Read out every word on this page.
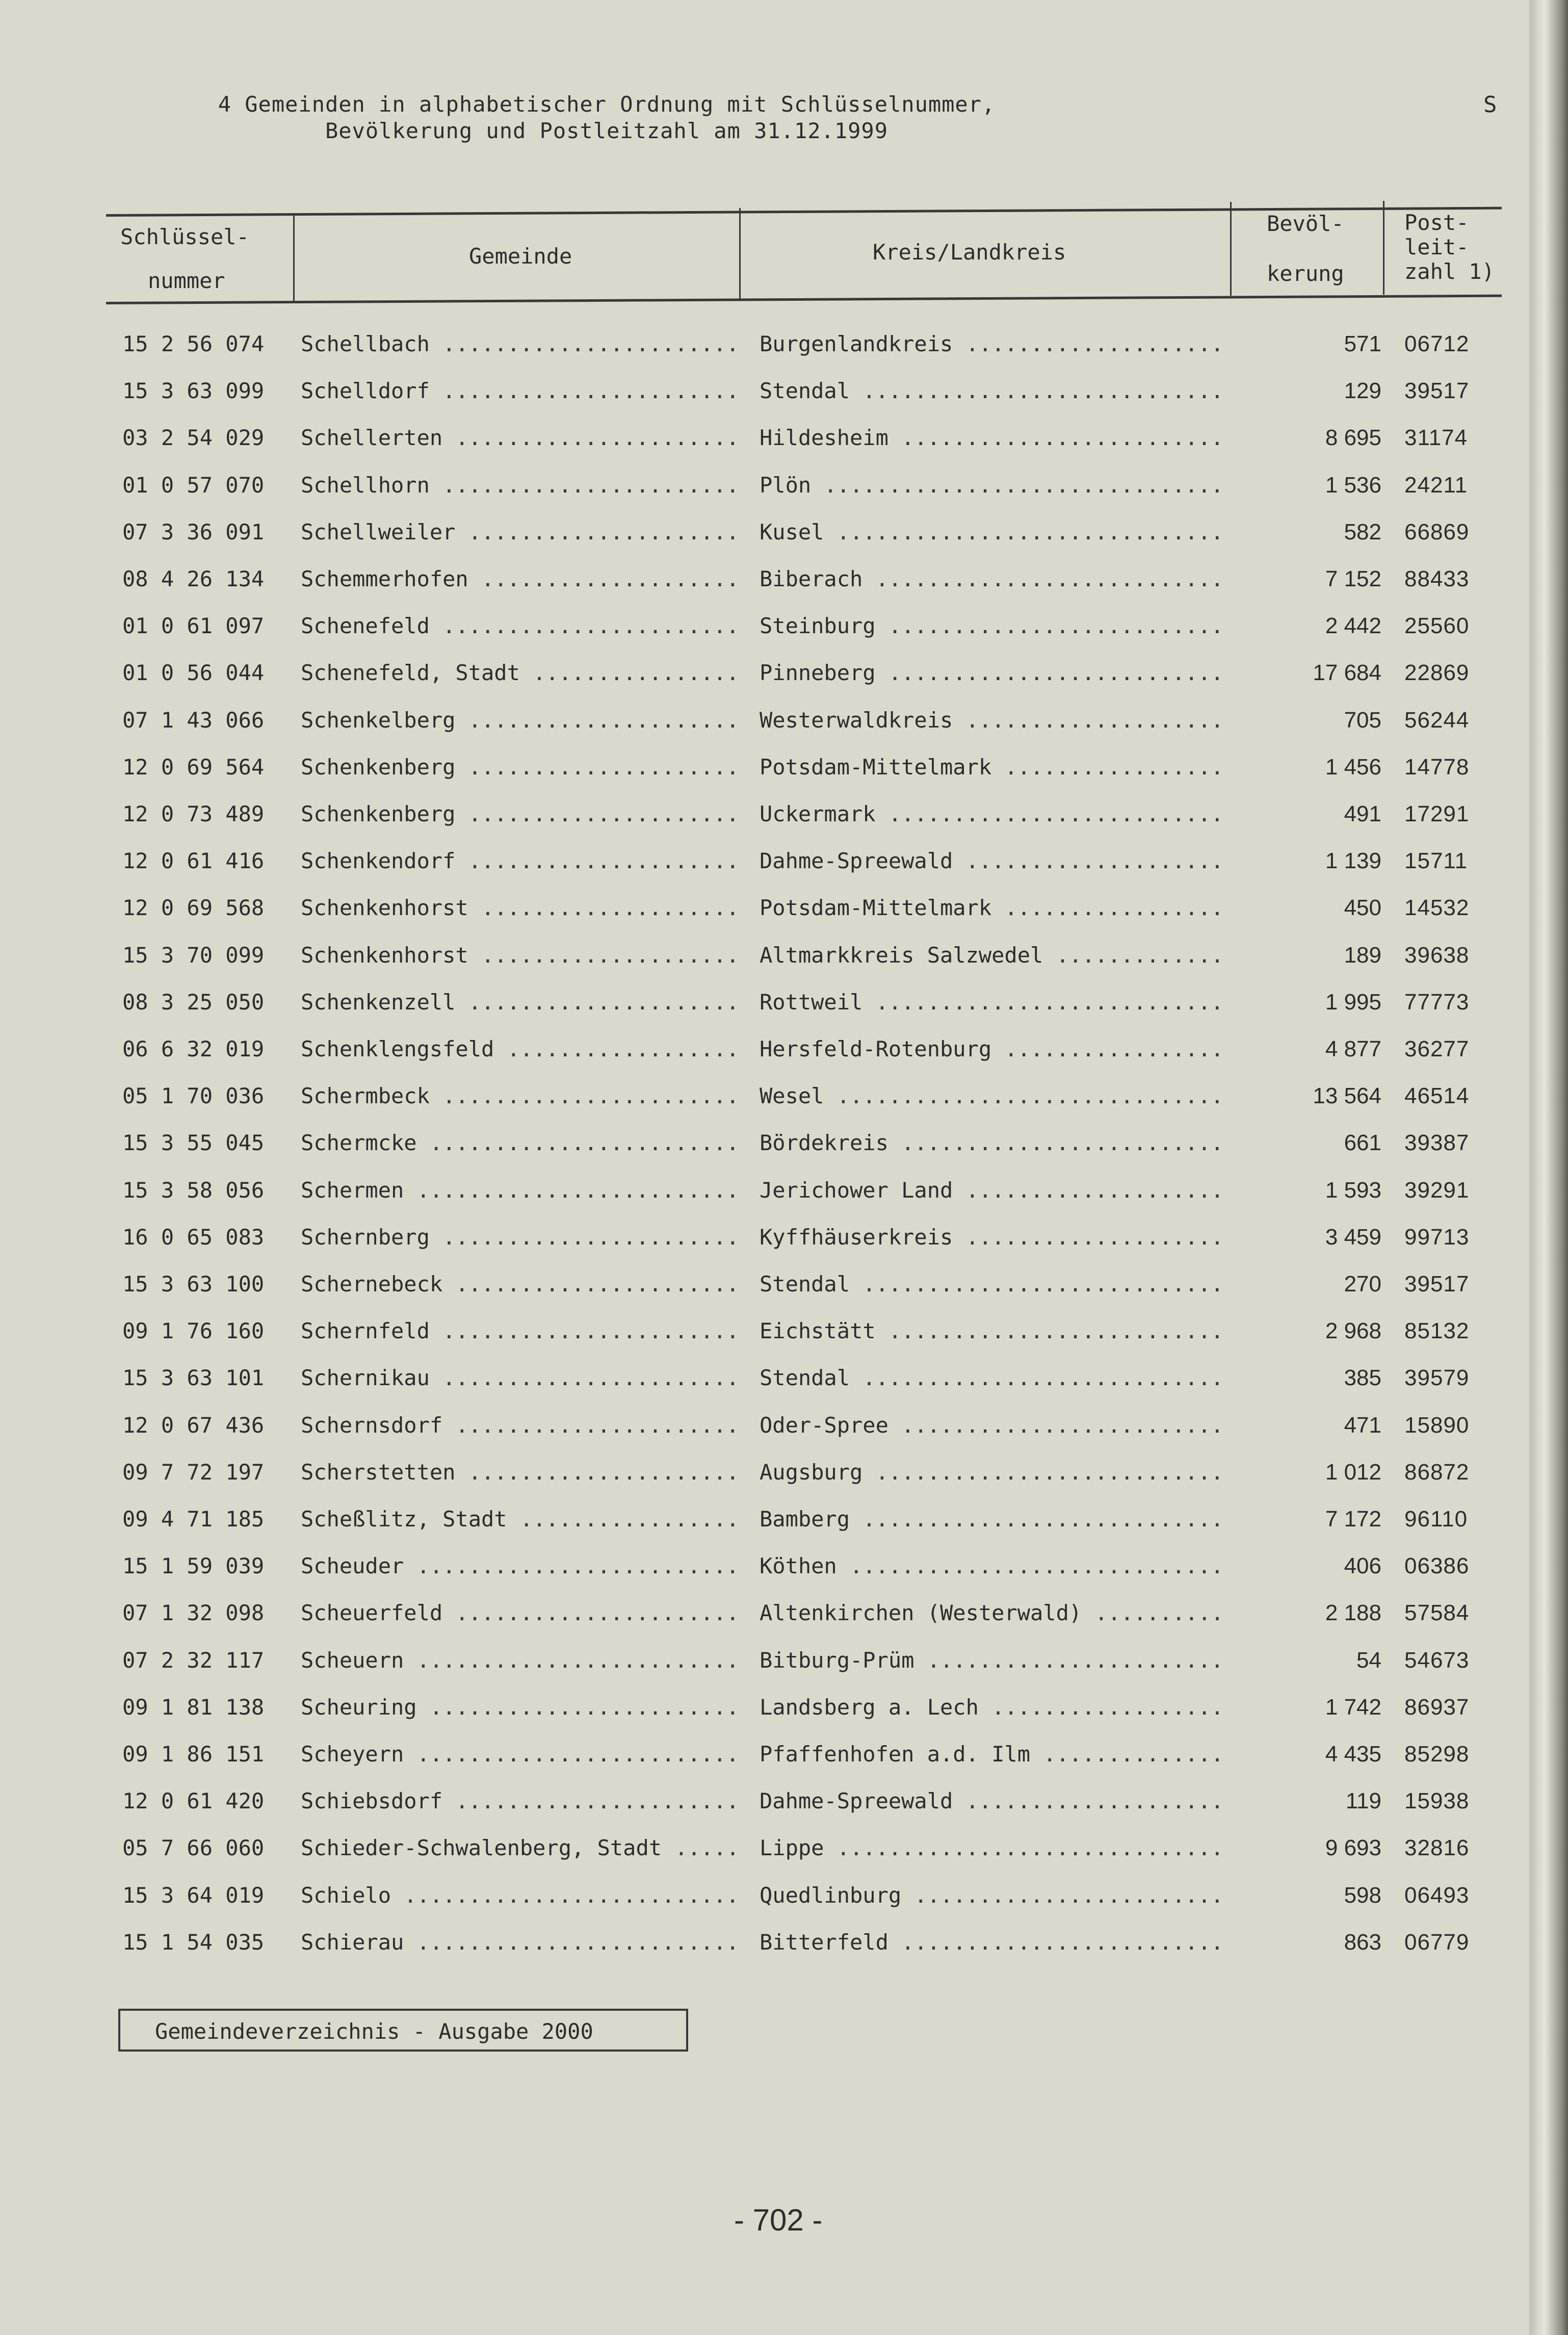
4 Gemeinden in alphabetischer Ordnung mit Schlüsselnummer,
Bevölkerung und Postleitzahl am 31.12.1999
S
Schlüssel-
nummer
Gemeinde	Kreis/Landkreis
Bevöl-
kerung
Post-
leit-
zahl 1)
15 2 56 074 Schellbach ....................... Burgenlandkreis ....................	571 06712
15 3 63 099 Schelldorf ....................... Stendal ............................	129 39517
03 2 54 029 Schellerten ...................... Hildesheim .........................	8 695 31174
01 0 57 070 Schellhorn ....................... Plön ...............................	1 536 24211
07 3 36 091 Schellweiler ..................... Kusel ..............................	582 66869
08 4 26 134 Schemmerhofen .................... Biberach ...........................	7 152 88433
01 0 61 097 Schenefeld ....................... Steinburg ..........................	2 442 25560
01 0 56 044 Schenefeld, Stadt ................ Pinneberg ..........................	17 684 22869
07 1 43 066 Schenkelberg ..................... Westerwaldkreis ....................	705 56244
12 0 69 564 Schenkenberg ..................... Potsdam-Mittelmark .................	1 456 14778
12 0 73 489 Schenkenberg ..................... Uckermark ..........................	491 17291
12 0 61 416 Schenkendorf ..................... Dahme-Spreewald ....................	1 139 15711
12 0 69 568 Schenkenhorst .................... Potsdam-Mittelmark .................	450 14532
15 3 70 099 Schenkenhorst .................... Altmarkkreis Salzwedel .............	189 39638
08 3 25 050 Schenkenzell ..................... Rottweil ...........................	1 995 77773
06 6 32 019 Schenklengsfeld .................. Hersfeld-Rotenburg .................	4 877 36277
05 1 70 036 Schermbeck ....................... Wesel ..............................	13 564 46514
15 3 55 045 Schermcke ........................ Bördekreis .........................	661 39387
15 3 58 056 Schermen ......................... Jerichower Land ....................	1 593 39291
16 0 65 083 Schernberg ....................... Kyffhäuserkreis ....................	3 459 99713
15 3 63 100 Schernebeck ...................... Stendal ............................	270 39517
09 1 76 160 Schernfeld ....................... Eichstätt ..........................	2 968 85132
15 3 63 101 Schernikau ....................... Stendal ............................	385 39579
12 0 67 436 Schernsdorf ...................... Oder-Spree .........................	471 15890
09 7 72 197 Scherstetten ..................... Augsburg ...........................	1 012 86872
09 4 71 185 Scheßlitz, Stadt ................. Bamberg ............................	7 172 96110
15 1 59 039 Scheuder ......................... Köthen .............................	406 06386
07 1 32 098 Scheuerfeld ...................... Altenkirchen (Westerwald) ..........	2 188 57584
07 2 32 117 Scheuern ......................... Bitburg-Prüm .......................	54 54673
09 1 81 138 Scheuring ........................ Landsberg a. Lech ..................	1 742 86937
09 1 86 151 Scheyern ......................... Pfaffenhofen a.d. Ilm ..............	4 435 85298
12 0 61 420 Schiebsdorf ...................... Dahme-Spreewald ....................	119 15938
05 7 66 060 Schieder-Schwalenberg, Stadt ..... Lippe ..............................	9 693 32816
15 3 64 019 Schielo .......................... Quedlinburg ........................	598 06493
15 1 54 035 Schierau ......................... Bitterfeld .........................	863 06779
Gemeindeverzeichnis - Ausgabe 2000
- 702 -
